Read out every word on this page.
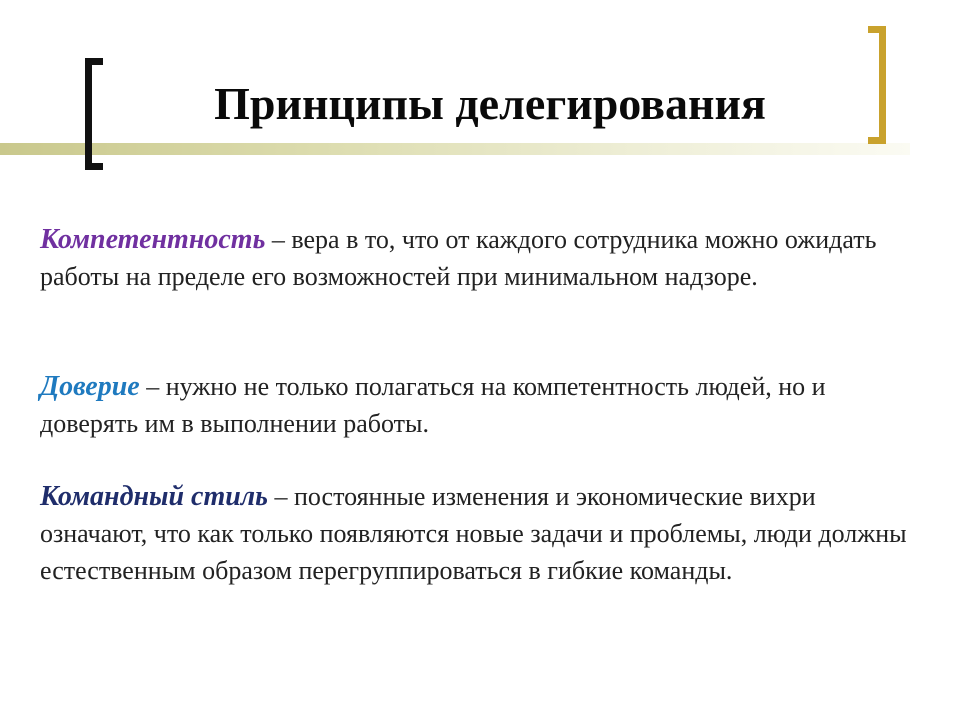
Принципы делегирования

Компетентность – вера в то, что от каждого сотрудника можно ожидать работы на пределе его возможностей при минимальном надзоре.

Доверие – нужно не только полагаться на компетентность людей, но и доверять им в выполнении работы.

Командный стиль – постоянные изменения и экономические вихри означают, что как только появляются новые задачи и проблемы, люди должны естественным образом перегруппироваться в гибкие команды.
